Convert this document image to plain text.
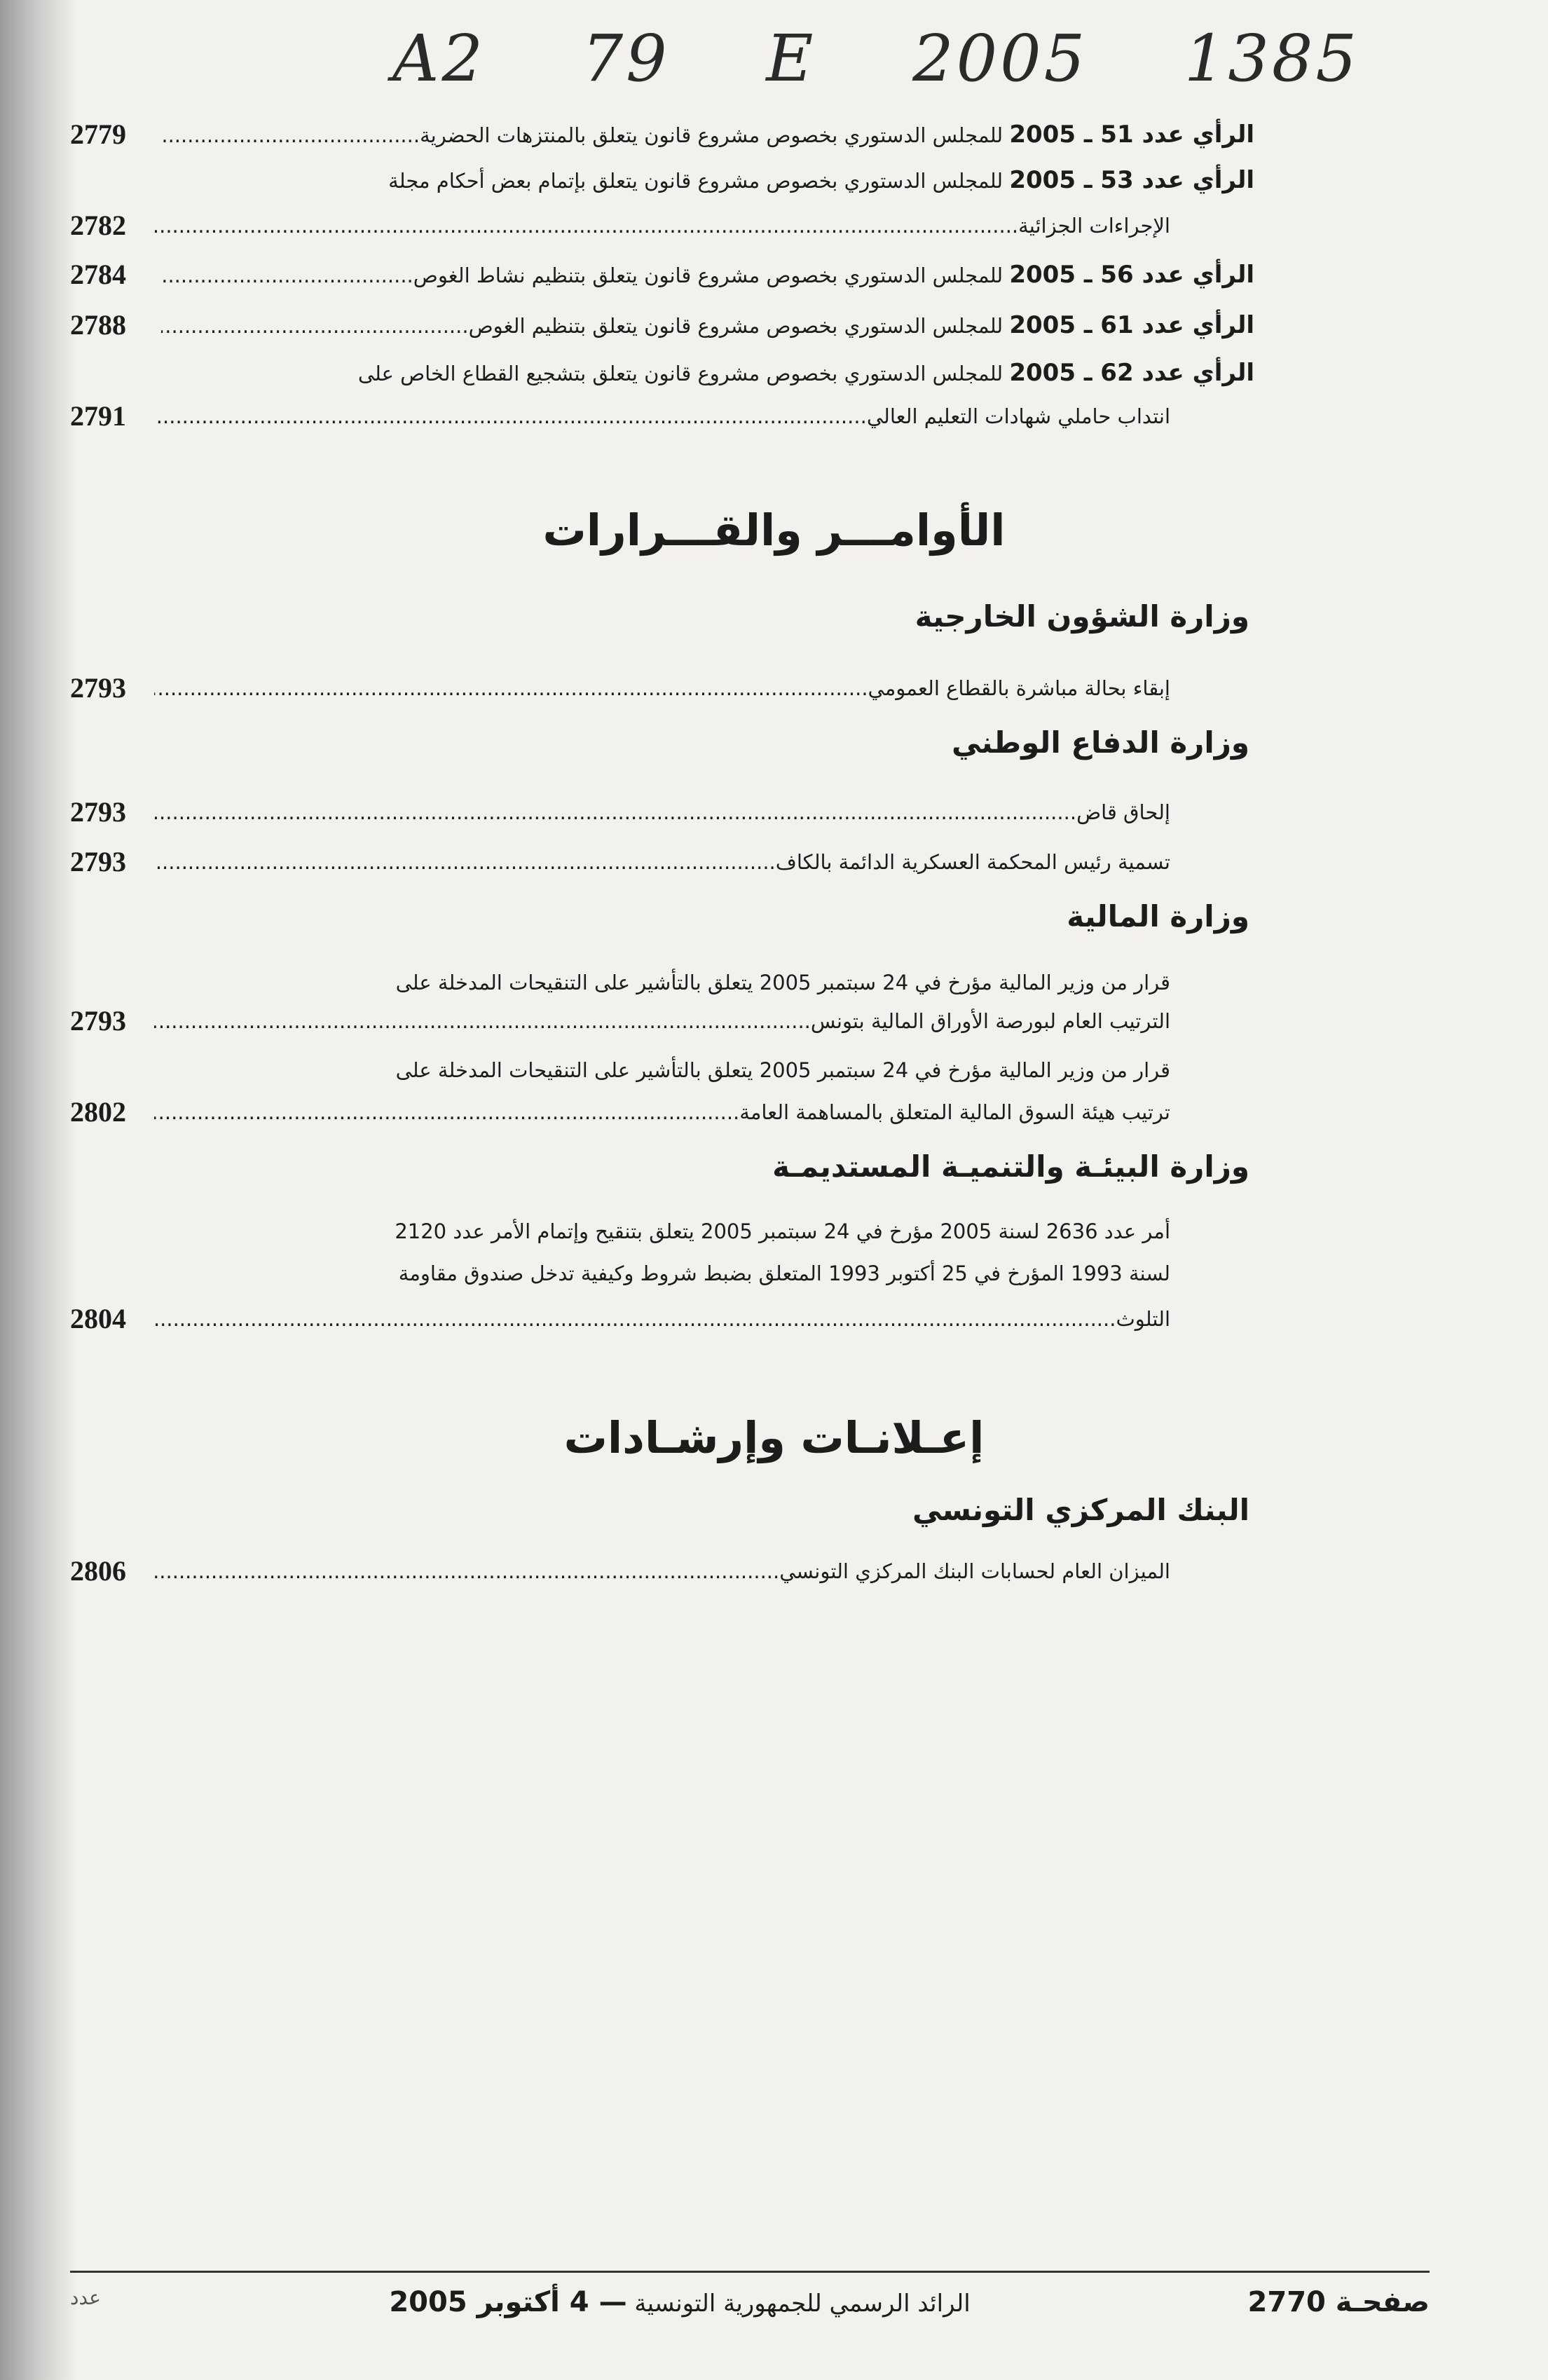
A2 79 E 2005 1385
2779	الرأي عدد 51 ـ 2005 للمجلس الدستوري بخصوص مشروع قانون يتعلق بالمنتزهات الحضرية .....
الرأي عدد 53 ـ 2005 للمجلس الدستوري بخصوص مشروع قانون يتعلق بإتمام بعض أحكام مجلة
2782	الإجراءات الجزائية .....
2784	الرأي عدد 56 ـ 2005 للمجلس الدستوري بخصوص مشروع قانون يتعلق بتنظيم نشاط الغوص .....
2788	الرأي عدد 61 ـ 2005 للمجلس الدستوري بخصوص مشروع قانون يتعلق بتنظيم الغوص .....
الرأي عدد 62 ـ 2005 للمجلس الدستوري بخصوص مشروع قانون يتعلق بتشجيع القطاع الخاص على
2791	انتداب حاملي شهادات التعليم العالي .....
الأوامـــر والقـــرارات
وزارة الشؤون الخارجية
2793	إبقاء بحالة مباشرة بالقطاع العمومي .....
وزارة الدفاع الوطني
2793	إلحاق قاض .....
2793	تسمية رئيس المحكمة العسكرية الدائمة بالكاف .....
وزارة المالية
قرار من وزير المالية مؤرخ في 24 سبتمبر 2005 يتعلق بالتأشير على التنقيحات المدخلة على
2793	الترتيب العام لبورصة الأوراق المالية بتونس .....
قرار من وزير المالية مؤرخ في 24 سبتمبر 2005 يتعلق بالتأشير على التنقيحات المدخلة على
2802	ترتيب هيئة السوق المالية المتعلق بالمساهمة العامة .....
وزارة البيئـة والتنميـة المستديمـة
أمر عدد 2636 لسنة 2005 مؤرخ في 24 سبتمبر 2005 يتعلق بتنقيح وإتمام الأمر عدد 2120
لسنة 1993 المؤرخ في 25 أكتوبر 1993 المتعلق بضبط شروط وكيفية تدخل صندوق مقاومة
2804	التلوث .....
إعـلانـات وإرشـادات
البنك المركزي التونسي
2806	الميزان العام لحسابات البنك المركزي التونسي .....
عدد	الرائد الرسمي للجمهورية التونسية — 4 أكتوبر 2005	صفحـة 2770
